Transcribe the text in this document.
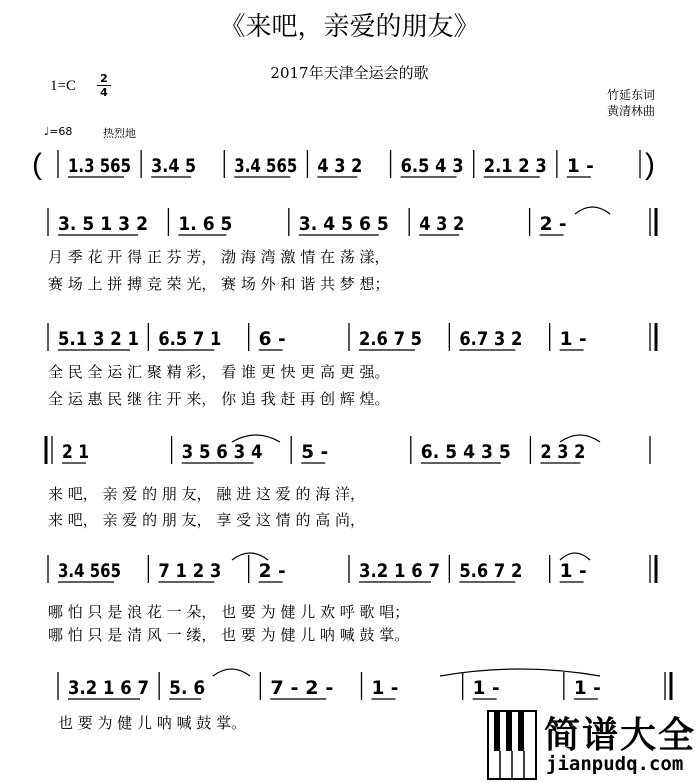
《来吧，亲爱的朋友》
2017年天津全运会的歌
$1=C \frac{2}{4}$	竹延东词
黄清林曲
♩=68	热烈地
(	)
1.3 565 3.4 5 3.4 565 4 3 2 6.5 4 3 2.1 2 3 1 -
3. 5 1 3 2 1. 6 5	3. 4 5 6 5 4 3 2	2 -
5.1 3 2 1 6.5 7 1 6 -	2.6 7 5 6.7 3 2 1 -
2 1	3 5 6 3 4 5 -	6. 5 4 3 5 2 3 2
3.4 565 7 1 2 3 2 -	3.2 1 6 7 5.6 7 2 1 -
3.2 1 6 7 5. 6	7 - 2 - 1 -	1 -	1 -
月 季 花 开 得 正 芬 芳， 渤 海 湾 激 情 在 荡 漾，
赛 场 上 拼 搏 竞 荣 光， 赛 场 外 和 谐 共 梦 想；
全 民 全 运 汇 聚 精 彩， 看 谁 更 快 更 高 更 强。
全 运 惠 民 继 往 开 来， 你 追 我 赶 再 创 辉 煌。
来 吧， 亲 爱 的 朋 友， 融 进 这 爱 的 海 洋，
来 吧， 亲 爱 的 朋 友， 享 受 这 情 的 高 尚，
哪 怕 只 是 浪 花 一 朵， 也 要 为 健 儿 欢 呼 歌 唱；
哪 怕 只 是 清 风 一 缕， 也 要 为 健 儿 呐 喊 鼓 掌。
也 要 为 健 儿 呐 喊 鼓 掌。	简谱大全
jianpudq.com
